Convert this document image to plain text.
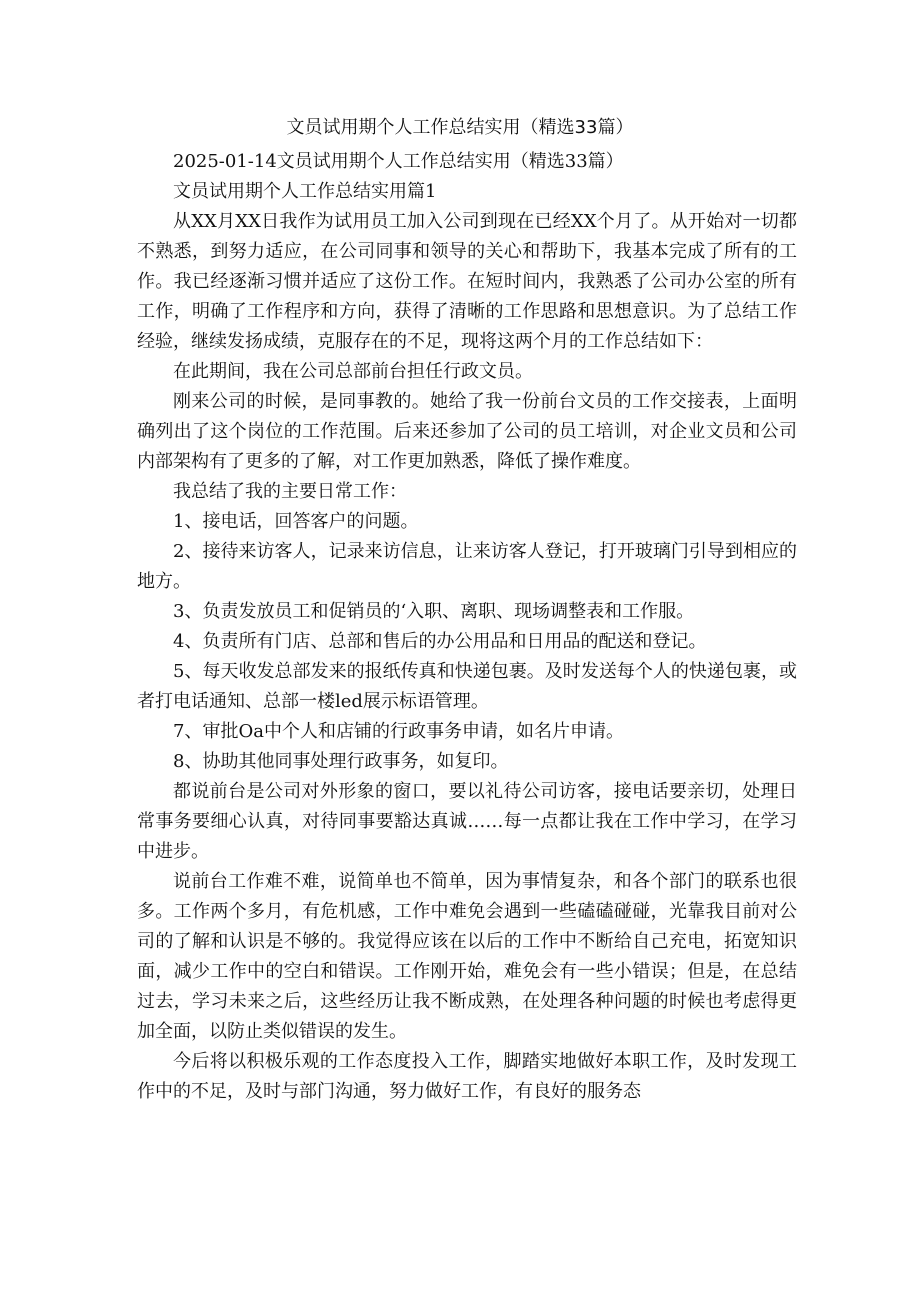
文员试用期个人工作总结实用（精选33篇）

2025-01-14文员试用期个人工作总结实用（精选33篇）

文员试用期个人工作总结实用篇1

从XX月XX日我作为试用员工加入公司到现在已经XX个月了。从开始对一切都不熟悉，到努力适应，在公司同事和领导的关心和帮助下，我基本完成了所有的工作。我已经逐渐习惯并适应了这份工作。在短时间内，我熟悉了公司办公室的所有工作，明确了工作程序和方向，获得了清晰的工作思路和思想意识。为了总结工作经验，继续发扬成绩，克服存在的不足，现将这两个月的工作总结如下：

在此期间，我在公司总部前台担任行政文员。

刚来公司的时候，是同事教的。她给了我一份前台文员的工作交接表，上面明确列出了这个岗位的工作范围。后来还参加了公司的员工培训，对企业文员和公司内部架构有了更多的了解，对工作更加熟悉，降低了操作难度。

我总结了我的主要日常工作：

1、接电话，回答客户的问题。

2、接待来访客人，记录来访信息，让来访客人登记，打开玻璃门引导到相应的地方。

3、负责发放员工和促销员的‘入职、离职、现场调整表和工作服。

4、负责所有门店、总部和售后的办公用品和日用品的配送和登记。

5、每天收发总部发来的报纸传真和快递包裹。及时发送每个人的快递包裹，或者打电话通知、总部一楼led展示标语管理。

7、审批Oa中个人和店铺的行政事务申请，如名片申请。

8、协助其他同事处理行政事务，如复印。

都说前台是公司对外形象的窗口，要以礼待公司访客，接电话要亲切，处理日常事务要细心认真，对待同事要豁达真诚……每一点都让我在工作中学习，在学习中进步。

说前台工作难不难，说简单也不简单，因为事情复杂，和各个部门的联系也很多。工作两个多月，有危机感，工作中难免会遇到一些磕磕碰碰，光靠我目前对公司的了解和认识是不够的。我觉得应该在以后的工作中不断给自己充电，拓宽知识面，减少工作中的空白和错误。工作刚开始，难免会有一些小错误；但是，在总结过去，学习未来之后，这些经历让我不断成熟，在处理各种问题的时候也考虑得更加全面，以防止类似错误的发生。

今后将以积极乐观的工作态度投入工作，脚踏实地做好本职工作，及时发现工作中的不足，及时与部门沟通，努力做好工作，有良好的服务态
